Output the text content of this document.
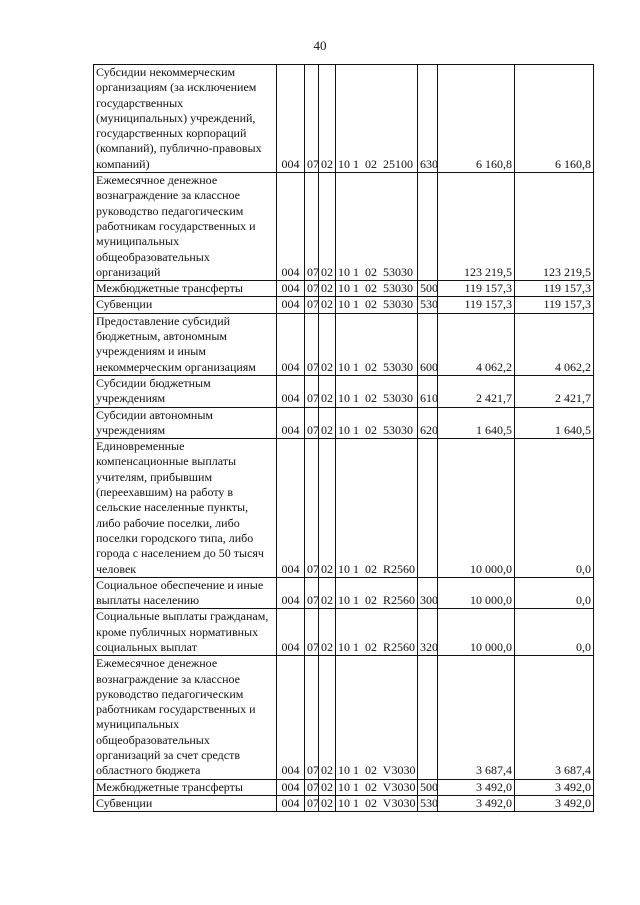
40
Субсидии некоммерческим организациям (за исключением государственных (муниципальных) учреждений, государственных корпораций (компаний), публично-правовых компаний)	004	07	02	10 1  02  25100	630	6 160,8	6 160,8
Ежемесячное денежное вознаграждение за классное руководство педагогическим работникам государственных и муниципальных общеобразовательных организаций	004	07	02	10 1  02  53030		123 219,5	123 219,5
Межбюджетные трансферты	004	07	02	10 1  02  53030	500	119 157,3	119 157,3
Субвенции	004	07	02	10 1  02  53030	530	119 157,3	119 157,3
Предоставление субсидий бюджетным, автономным учреждениям и иным некоммерческим организациям	004	07	02	10 1  02  53030	600	4 062,2	4 062,2
Субсидии бюджетным учреждениям	004	07	02	10 1  02  53030	610	2 421,7	2 421,7
Субсидии автономным учреждениям	004	07	02	10 1  02  53030	620	1 640,5	1 640,5
Единовременные компенсационные выплаты учителям, прибывшим (переехавшим) на работу в сельские населенные пункты, либо рабочие поселки, либо поселки городского типа, либо города с населением до 50 тысяч человек	004	07	02	10 1  02  R2560		10 000,0	0,0
Социальное обеспечение и иные выплаты населению	004	07	02	10 1  02  R2560	300	10 000,0	0,0
Социальные выплаты гражданам, кроме публичных нормативных социальных выплат	004	07	02	10 1  02  R2560	320	10 000,0	0,0
Ежемесячное денежное вознаграждение за классное руководство педагогическим работникам государственных и муниципальных общеобразовательных организаций за счет средств областного бюджета	004	07	02	10 1  02  V3030		3 687,4	3 687,4
Межбюджетные трансферты	004	07	02	10 1  02  V3030	500	3 492,0	3 492,0
Субвенции	004	07	02	10 1  02  V3030	530	3 492,0	3 492,0
